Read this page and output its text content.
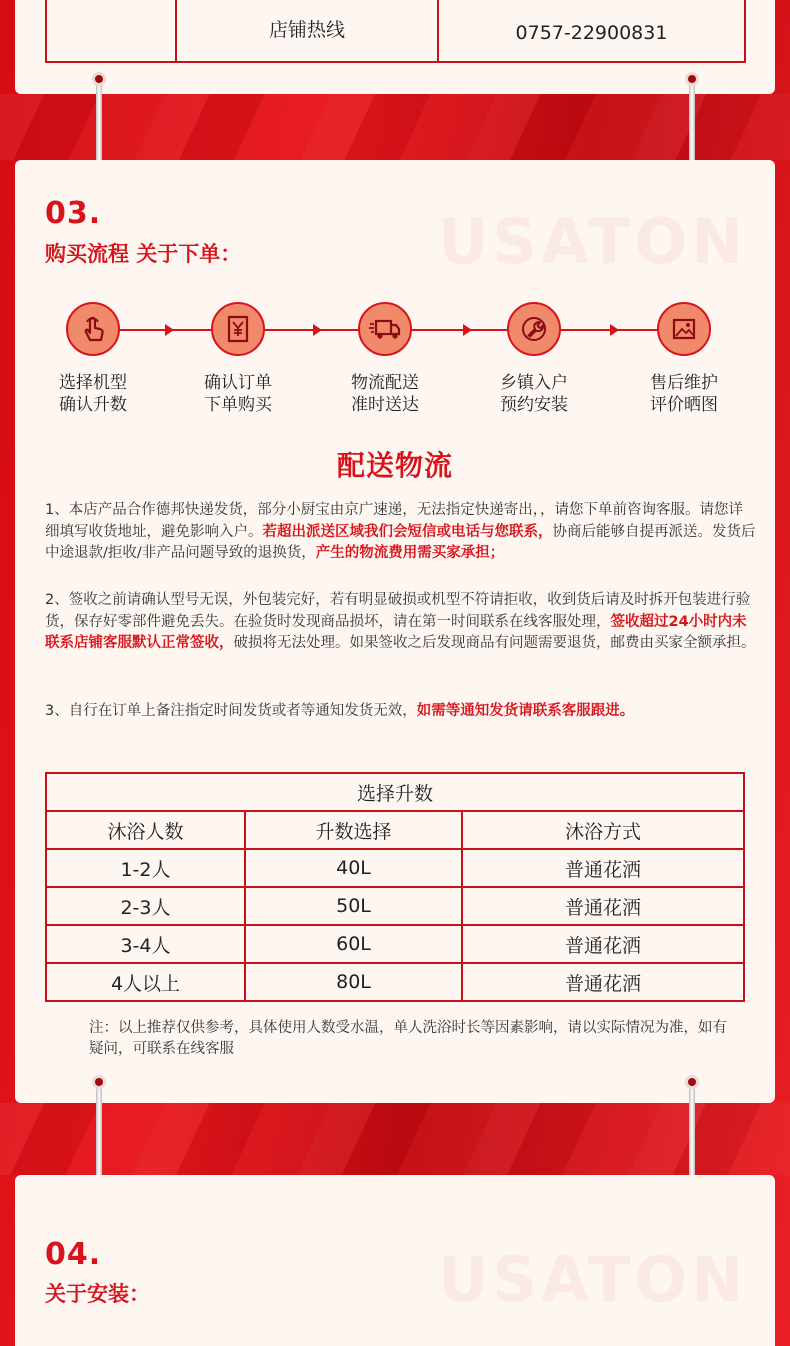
店铺热线	0757-22900831
USATON
03.
购买流程 关于下单：
选择机型
确认升数
确认订单
下单购买
物流配送
准时送达
乡镇入户
预约安装
售后维护
评价晒图
配送物流
1、本店产品合作德邦快递发货，部分小厨宝由京广速递，无法指定快递寄出，，请您下单前咨询客服。请您详细填写收货地址，避免影响入户。若超出派送区域我们会短信或电话与您联系，协商后能够自提再派送。发货后中途退款/拒收/非产品问题导致的退换货，产生的物流费用需买家承担；
2、签收之前请确认型号无误，外包装完好，若有明显破损或机型不符请拒收，收到货后请及时拆开包装进行验货，保存好零部件避免丢失。在验货时发现商品损坏，请在第一时间联系在线客服处理，签收超过24小时内未联系店铺客服默认正常签收，破损将无法处理。如果签收之后发现商品有问题需要退货，邮费由买家全额承担。
3、自行在订单上备注指定时间发货或者等通知发货无效，如需等通知发货请联系客服跟进。
选择升数		
沐浴人数	升数选择	沐浴方式
1-2人	40L	普通花洒
2-3人	50L	普通花洒
3-4人	60L	普通花洒
4人以上	80L	普通花洒
注：以上推荐仅供参考，具体使用人数受水温，单人洗浴时长等因素影响，请以实际情况为准，如有疑问，可联系在线客服
USATON
04.
关于安装：
